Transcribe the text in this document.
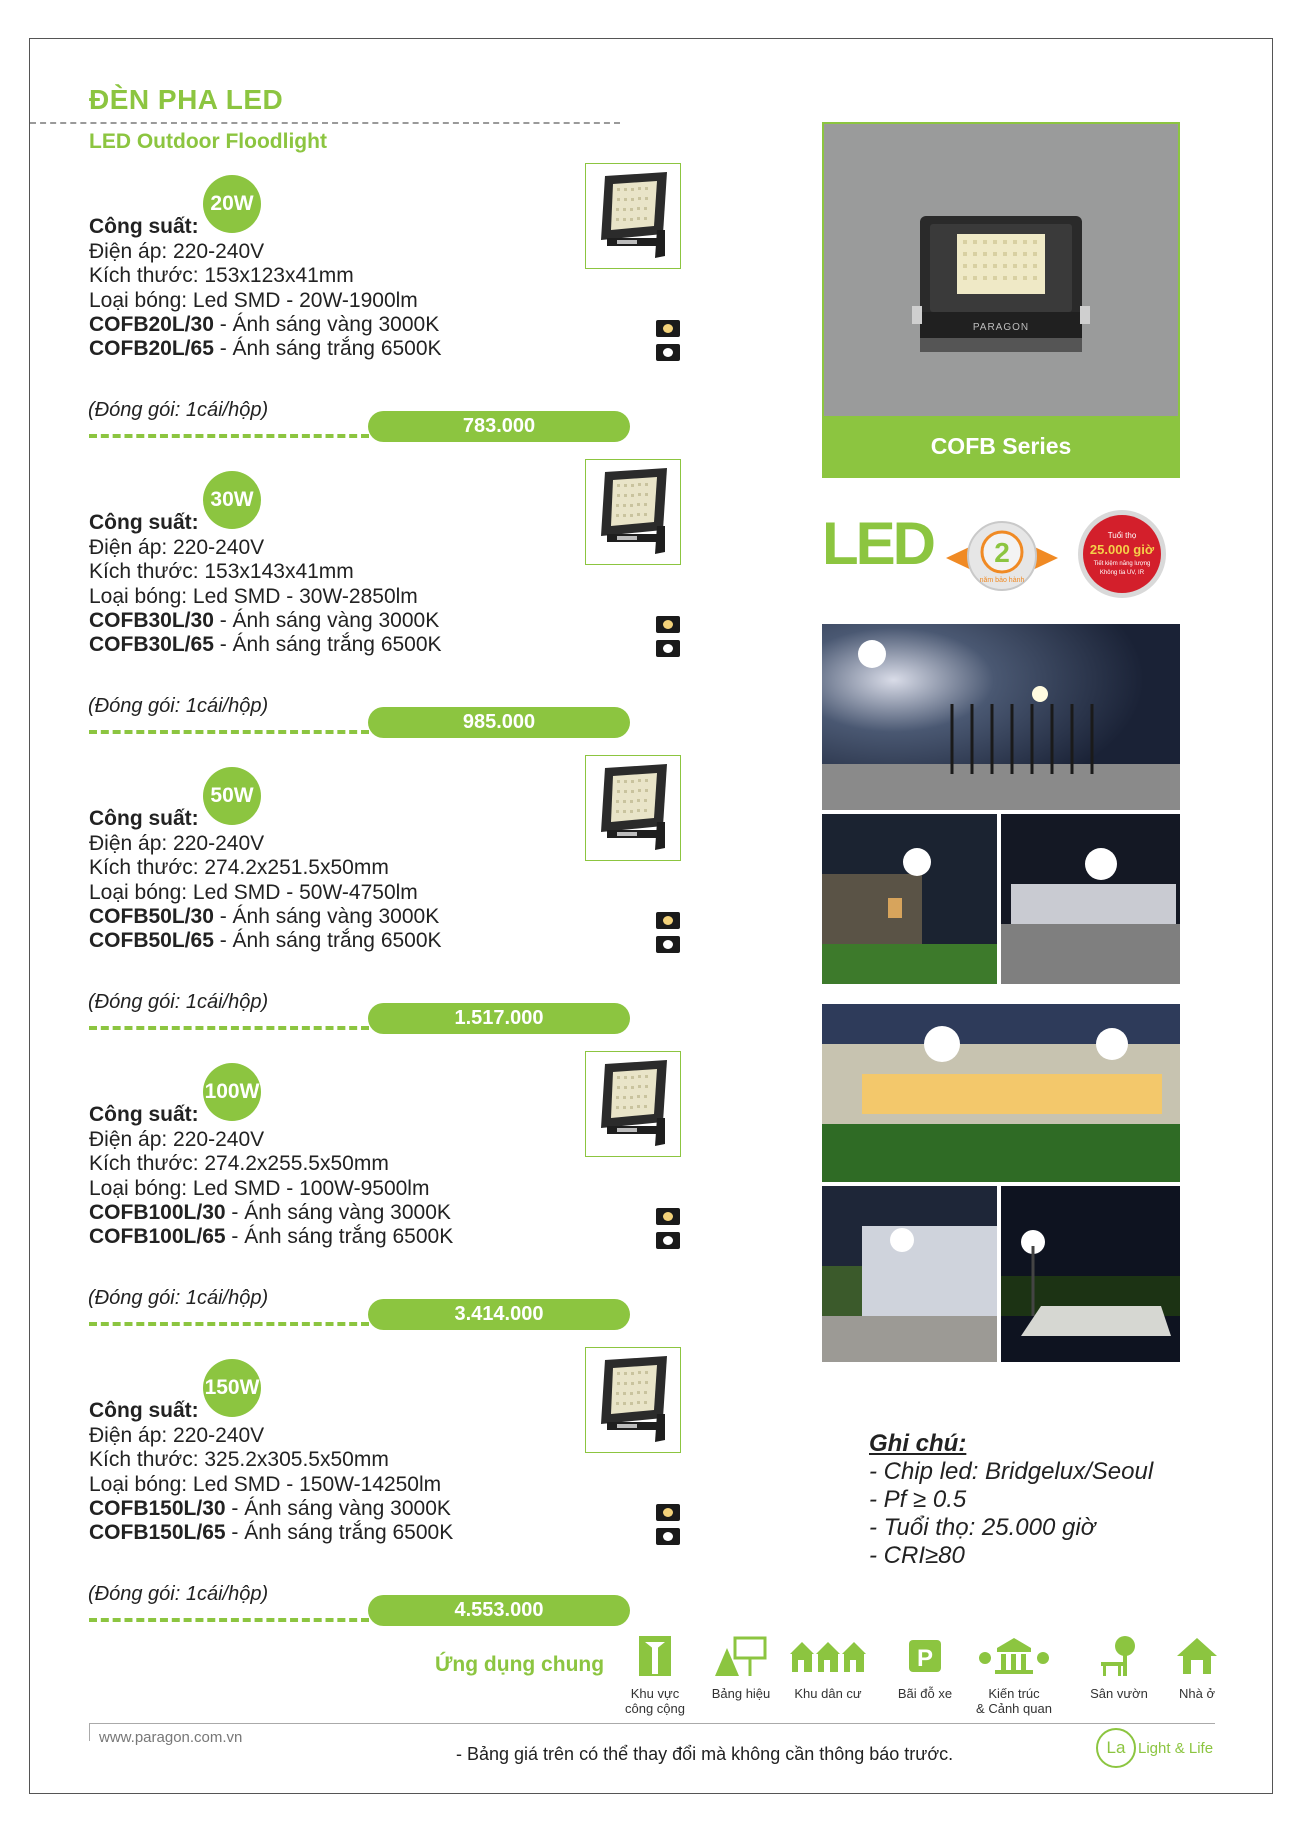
ĐÈN PHA LED
LED Outdoor Floodlight
20W
Công suất:
Điện áp: 220-240V
Kích thước: 153x123x41mm
Loại bóng: Led SMD - 20W-1900lm
COFB20L/30 - Ánh sáng vàng 3000K
COFB20L/65 - Ánh sáng trắng 6500K
(Đóng gói: 1cái/hộp)
783.000
30W
Công suất:
Điện áp: 220-240V
Kích thước: 153x143x41mm
Loại bóng: Led SMD - 30W-2850lm
COFB30L/30 - Ánh sáng vàng 3000K
COFB30L/65 - Ánh sáng trắng 6500K
(Đóng gói: 1cái/hộp)
985.000
50W
Công suất:
Điện áp: 220-240V
Kích thước: 274.2x251.5x50mm
Loại bóng: Led SMD - 50W-4750lm
COFB50L/30 - Ánh sáng vàng 3000K
COFB50L/65 - Ánh sáng trắng 6500K
(Đóng gói: 1cái/hộp)
1.517.000
100W
Công suất:
Điện áp: 220-240V
Kích thước: 274.2x255.5x50mm
Loại bóng: Led SMD - 100W-9500lm
COFB100L/30 - Ánh sáng vàng 3000K
COFB100L/65 - Ánh sáng trắng 6500K
(Đóng gói: 1cái/hộp)
3.414.000
150W
Công suất:
Điện áp: 220-240V
Kích thước: 325.2x305.5x50mm
Loại bóng: Led SMD - 150W-14250lm
COFB150L/30 - Ánh sáng vàng 3000K
COFB150L/65 - Ánh sáng trắng 6500K
(Đóng gói: 1cái/hộp)
4.553.000
PARAGON
COFB Series
LED 2
năm bảo hành
Tuổi thọ
25.000 giờ
Tiết kiệm năng lượng
Không tia UV, IR
Ghi chú:
- Chip led: Bridgelux/Seoul
- Pf ≥ 0.5
- Tuổi thọ: 25.000 giờ
- CRI≥80
Ứng dụng chung
Khu vực
công cộng
Bảng hiệu	Khu dân cư
P
Bãi đỗ xe	Kiến trúc
& Cảnh quan
Sân vườn	Nhà ở
www.paragon.com.vn
- Bảng giá trên có thể thay đổi mà không cần thông báo trước.	La Light & Life
